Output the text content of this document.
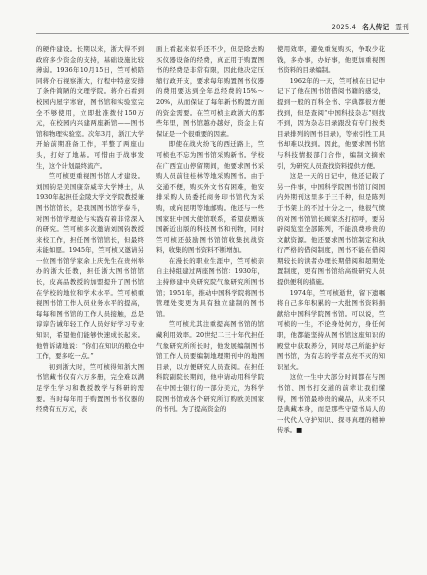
2025.4 名人传记 霊刊

的硬件建设。长期以来，浙大得不到政府多少资金的支持，基础设施比较薄弱。1936年10月15日，竺可桢陪同蒋介石视察浙大，行程中特意安排了条件简陋的文理学院。蒋介石看到校园内屋宇寒窘，图书馆和实验室完全不够使用，立即批准拨付150万元，在校园内兴建两座新馆——图书馆和物理实验室。次年3月，浙江大学开始前期准备工作，平整了两座山头，打好了地基。可惜由于战事发生，这个计划最终流产。

竺可桢更重视图书馆人才建设。刘国钧是美国康奈威辛大学博士，从1930年起担任金陵大学文学院教授兼图书馆馆长，是我国图书馆学泰斗，对图书馆学理论与实践有着非常深入的研究。竺可桢多次邀请刘国钧教授来校工作，担任图书馆馆长，但最终未能如愿。1945年，竺可桢又邀请另一位图书馆学家余上庆先生在贵州举办的浙大任教，担任浙大图书馆馆长，皮高品教授的加盟提升了图书馆在学校的地位和学术水平。竺可桢重视图书馆工作人员业务水平的提高，每每和图书馆的工作人员接触，总是谆谆告诫年轻工作人员好好学习专业知识，希望他们能够快速成长起来。他曾诉诸地说：“你们在知识的粮仓中工作，要多吃一点。”

初到浙大时，竺可桢得知浙大图书馆藏书仅有六万多册，完全难以满足学生学习和教授教学与科研的需要。当时每年用于购置图书书仪器的经费有五万元，表

面上看起来似乎还不少，但是除去购买仪器设备的经费，真正用于购置图书的经费是非常有限，因此他决定压缩行政开支，要求每年购置图书仪器的费用要达到全年总经费的15%～20%，从而保证了每年新书购置方面的资金需要。在竺可桢主政浙大的那些年里，图书馆越办越好，资金上有保证是一个很重要的因素。

即使在战火纷飞的西迁路上，竺可桢也不忘为图书馆采购新书。学校在广西宜山停留期间，他要求图书采购人员前往桂林等地采购图书。由于交通不便，购买外文书有困难，他安排采购人员委托商务印书馆代为采购，或向昆明等地邮购。他还与一些国家驻中国大使馆联系，希望获赠该国新近出版的科技图书和刊物，同时竺可桢还鼓励图书馆馆收集抗战资料，收集的图书资料不断增加。

在漫长的职业生涯中，竺可桢亲自主持组建过两座图书馆：1930年，主持修建中央研究院气象研究所图书馆；1951年，推动中国科学院将图书管理处变更为具有独立建制的图书馆。

竺可桢尤其注重提高图书馆的馆藏利用效率。20世纪二三十年代担任气象研究所所长时，他发展编制图书馆工作人员要编制地理期刊中的地图目录，以方便研究人员查阅。在担任科院副院长期间，他申请动用科学院在中国士银行的一部分美元，为科学院图书馆或各个研究所订购欧美国家的书刊。为了提高资金的

使用效率，避免重复购买，争取少花钱，多办事，办好事，他更加重视图书资料的目录编制。

1962年的一天，竺可桢在日记中记下了他在图书馆借阅书籍的感受，提到一般的百科全书、字典都很方便找到，但是查阅“中国科技杂志”则找不到，因为杂志目录跟没有专门按类目录排列的图书目录)，等索引性工具书却难以找到。因此，他要求图书馆与科技情报部门合作，编制文摘索引，为研究人员查找资料提供方便。

这是一天的日记中，他还记载了另一件事，中国科学院图书馆订阅国内外期刊这里多于三千种，但是陈列于书架上的不过十分之一，他很气愤的对图书馆馆长顾家杰打招呼，要另辟阅览室全部陈列，不能浪费珍贵的文献资源。他还要求图书馆制定和执行严格的借阅制度，图书不能在借阅期较长的读者办理长期借阅和超期处置制度，更有图书馆给高级研究人员提供便利的措施。

1974年，竺可桢逝世，留下遗嘱将自己多年积累的一大批图书资料捐献给中国科学院图书馆。可以说，竺可桢的一生，不论身处何方，身任何职，他都能坚持从图书馆这座知识的殿堂中获取养分，同时尽己所能护好图书馆，为有志的学者点亮不灭的知识星火。

这位一生中大部分时间都在与图书馆、图书打交道的前辈让我们懂得，图书馆最珍贵的藏品，从来不只是典藏本身，而是那些守望书局人的一代代人守护知识、探寻真理的精神传承。■
